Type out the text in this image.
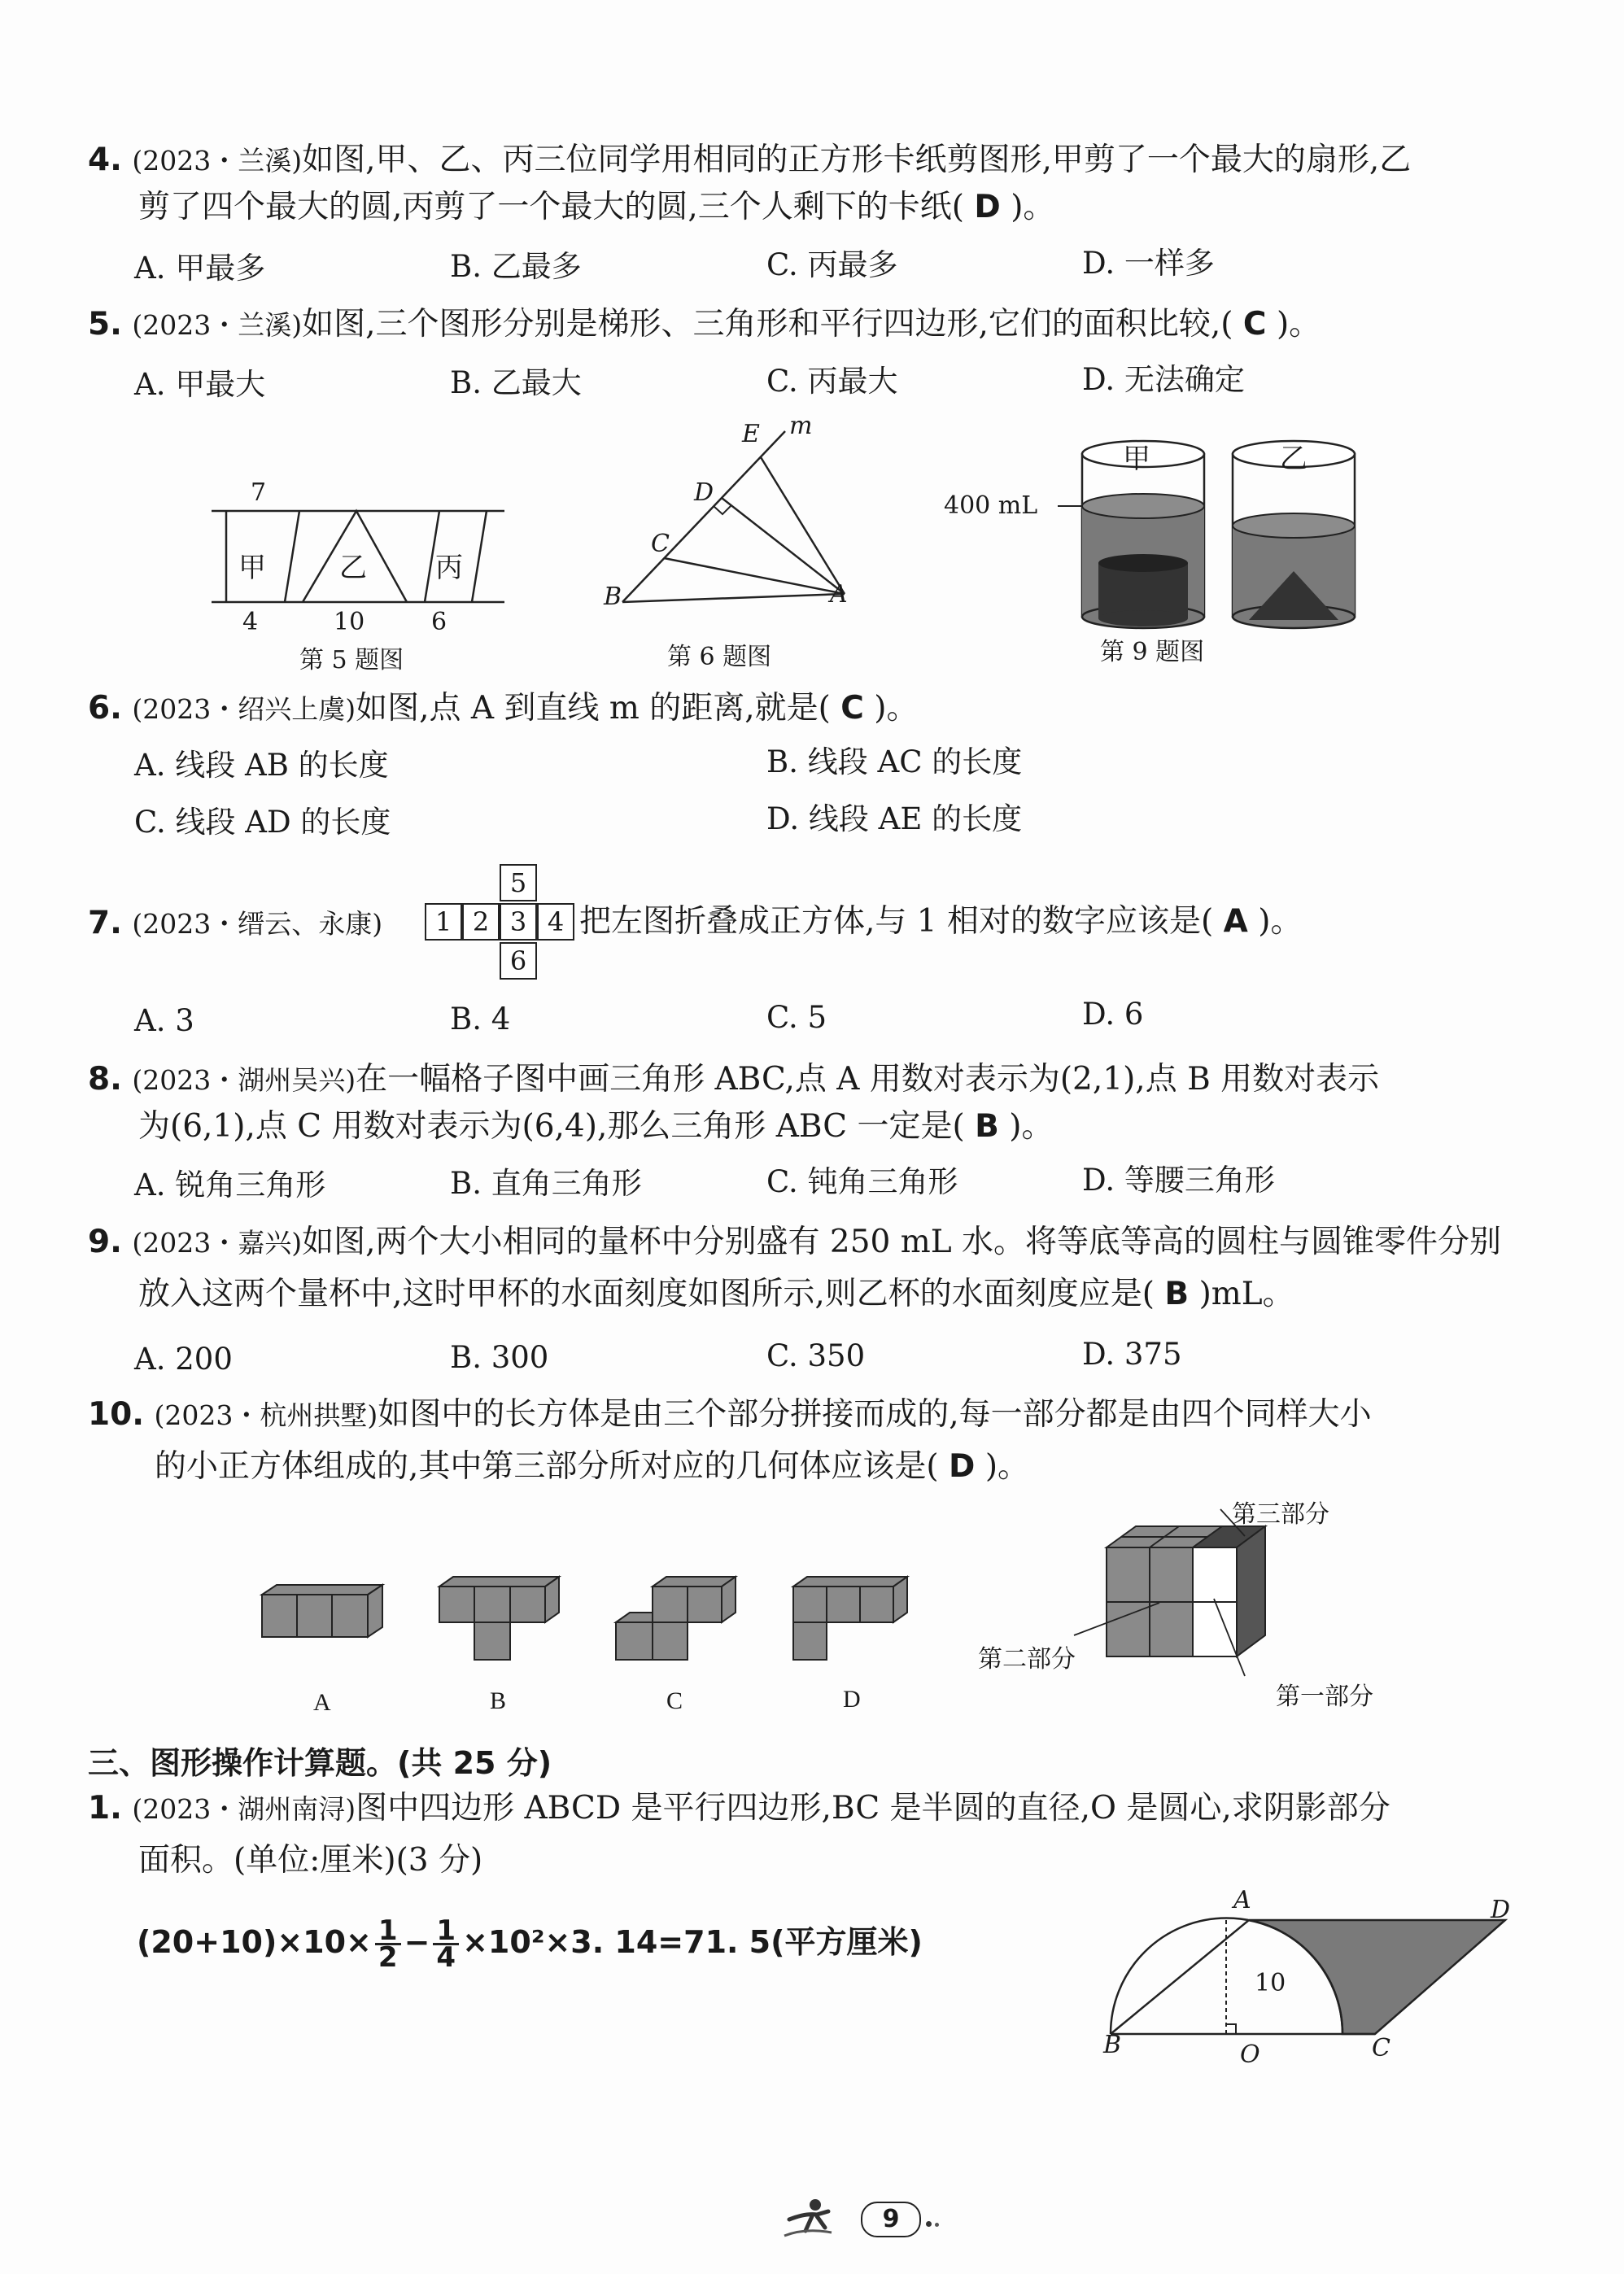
4. (2023・兰溪)如图,甲、乙、丙三位同学用相同的正方形卡纸剪图形,甲剪了一个最大的扇形,乙
剪了四个最大的圆,丙剪了一个最大的圆,三个人剩下的卡纸( D )。
A. 甲最多	B. 乙最多	C. 丙最多	D. 一样多
5. (2023・兰溪)如图,三个图形分别是梯形、三角形和平行四边形,它们的面积比较,( C )。
A. 甲最大	B. 乙最大	C. 丙最大	D. 无法确定
7
甲	乙 丙
4	10	6
第 5 题图
E m
D
C
B	A
第 6 题图
甲	乙
400 mL
第 9 题图
6. (2023・绍兴上虞)如图,点 A 到直线 m 的距离,就是( C )。
A. 线段 AB 的长度	B. 线段 AC 的长度
C. 线段 AD 的长度	D. 线段 AE 的长度
7. (2023・缙云、永康)
5
1 2 3 4
6
把左图折叠成正方体,与 1 相对的数字应该是( A )。
A. 3	B. 4	C. 5	D. 6
8. (2023・湖州吴兴)在一幅格子图中画三角形 ABC,点 A 用数对表示为(2,1),点 B 用数对表示
为(6,1),点 C 用数对表示为(6,4),那么三角形 ABC 一定是( B )。
A. 锐角三角形	B. 直角三角形	C. 钝角三角形	D. 等腰三角形
9. (2023・嘉兴)如图,两个大小相同的量杯中分别盛有 250 mL 水。将等底等高的圆柱与圆锥零件分别
放入这两个量杯中,这时甲杯的水面刻度如图所示,则乙杯的水面刻度应是( B )mL。
A. 200	B. 300	C. 350	D. 375
10. (2023・杭州拱墅)如图中的长方体是由三个部分拼接而成的,每一部分都是由四个同样大小
的小正方体组成的,其中第三部分所对应的几何体应该是( D )。
A	B	C	D
第三部分
第二部分
第一部分
三、图形操作计算题。(共 25 分)
1. (2023・湖州南浔)图中四边形 ABCD 是平行四边形,BC 是半圆的直径,O 是圆心,求阴影部分
面积。(单位:厘米)(3 分)
$(20+10)\times 10\times \frac{1}{2} - \frac{1}{4} \times 10^2\times 3$. 14=71. 5(平方厘米)
A	D
10
B	O	C
9
